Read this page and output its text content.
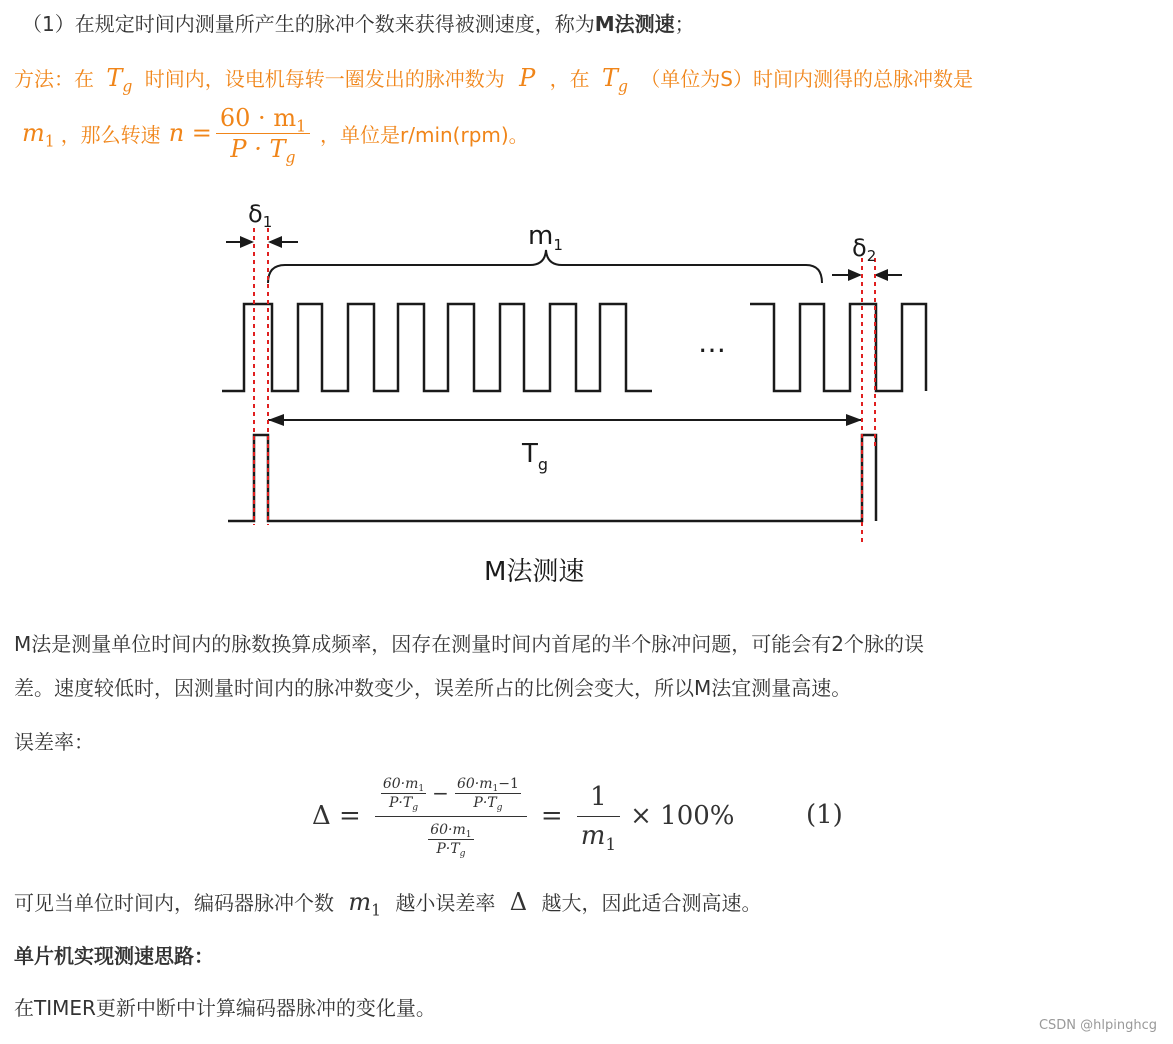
（1）在规定时间内测量所产生的脉冲个数来获得被测速度，称为M法测速；
方法：在 $T_g$ 时间内，设电机每转一圈发出的脉冲数为 P ，在 $T_g$ （单位为S）时间内测得的总脉冲数是
$m_1$ ，那么转速 $n = \frac{60 \cdot m_1}{P \cdot T_g}$ ，单位是r/min(rpm)。
$\delta_1$	$m_1$	$\delta_2$
…
$T_g$
M法测速
M法是测量单位时间内的脉数换算成频率，因存在测量时间内首尾的半个脉冲问题，可能会有2个脉的误
差。速度较低时，因测量时间内的脉冲数变少，误差所占的比例会变大，所以M法宜测量高速。
误差率：
Δ =
$\frac{60\cdot m_1}{P\cdot T_g} - \frac{60\cdot m_1-1}{P\cdot T_g}$
$\frac{60\cdot m_1}{P\cdot T_g}$
= $\frac{1}{m_1} \times 100\%$	(1)
可见当单位时间内，编码器脉冲个数 $m_1$ 越小误差率 Δ 越大，因此适合测高速。
单片机实现测速思路：
在TIMER更新中断中计算编码器脉冲的变化量。
CSDN @hlpinghcg
